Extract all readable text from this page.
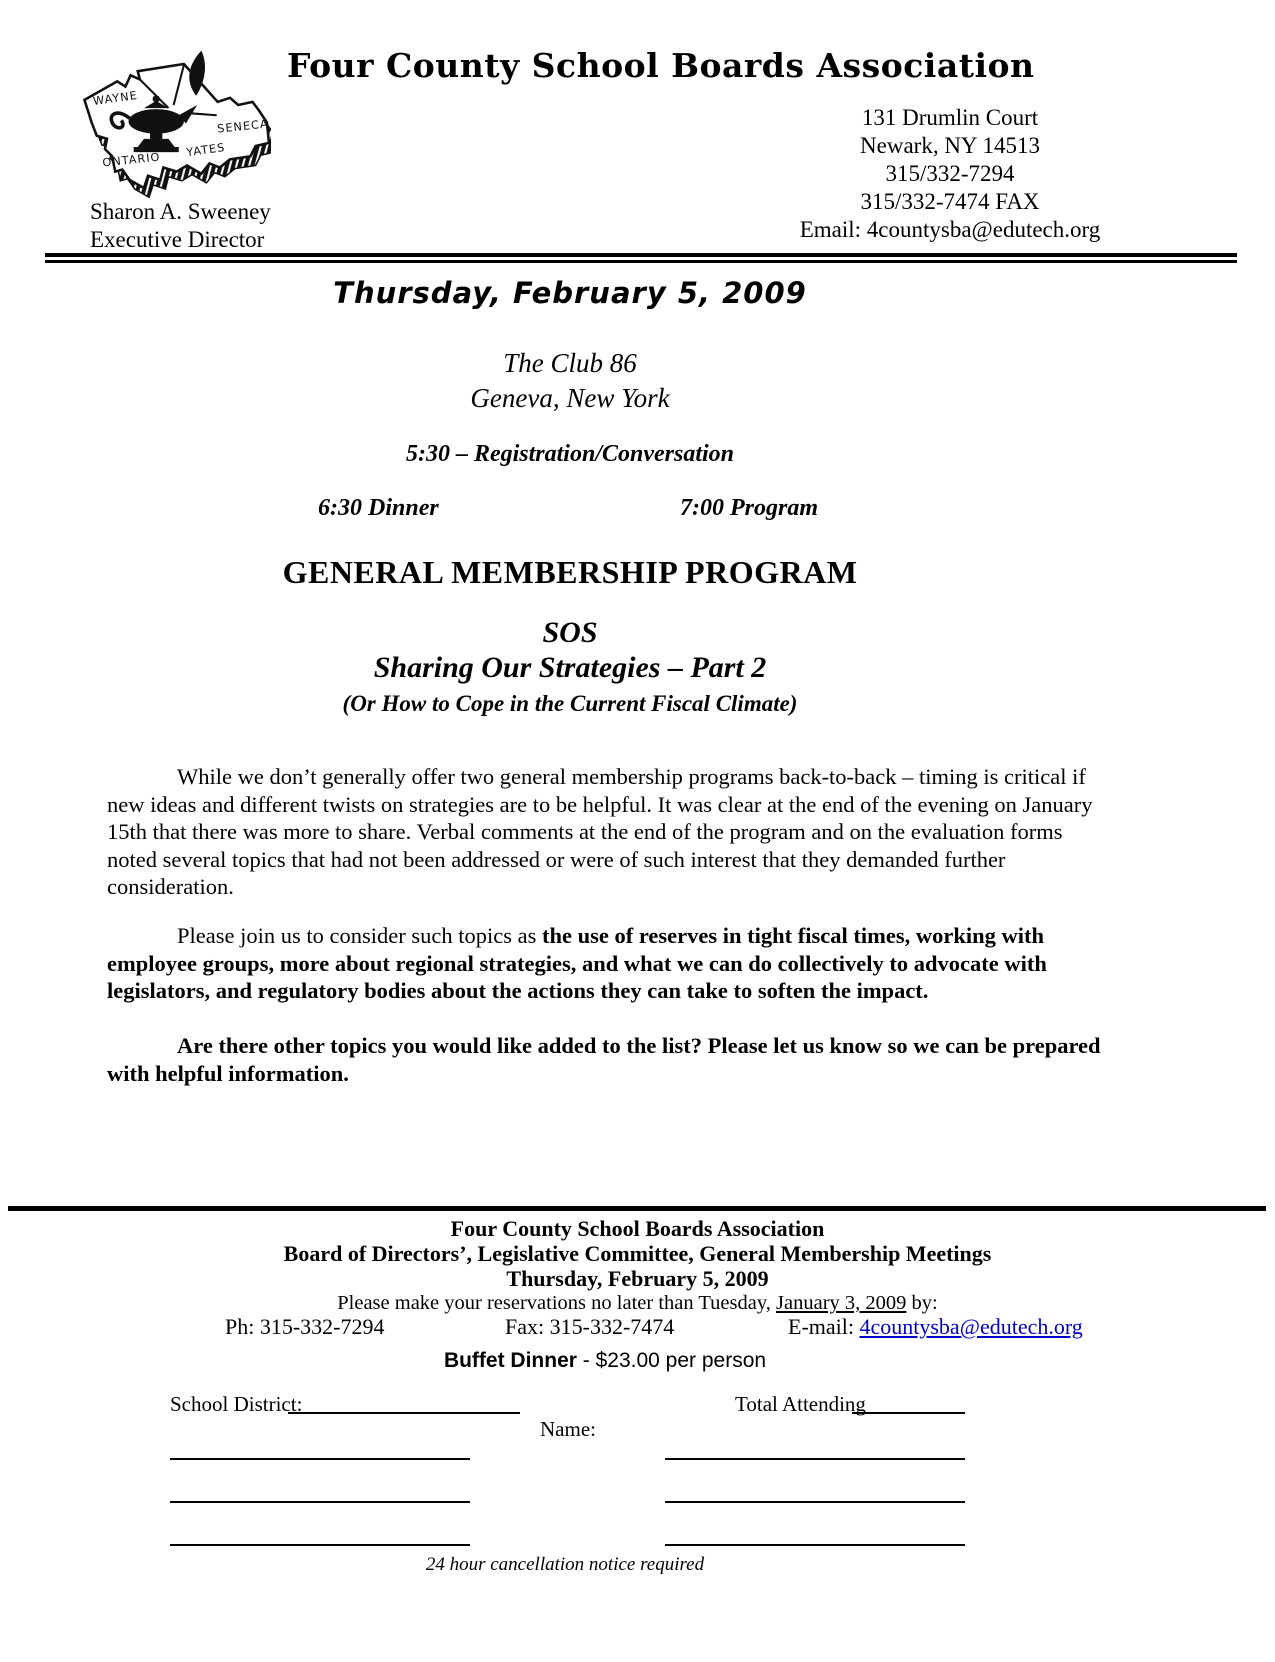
WAYNE
SENECA
ONTARIO
YATES
Four County School Boards Association
131 Drumlin Court
Newark, NY 14513
315/332-7294
315/332-7474 FAX
Email: 4countysba@edutech.org
Sharon A. Sweeney
Executive Director
Thursday, February 5, 2009
The Club 86
Geneva, New York
5:30 – Registration/Conversation
6:30 Dinner	7:00 Program
GENERAL MEMBERSHIP PROGRAM
SOS
Sharing Our Strategies – Part 2
(Or How to Cope in the Current Fiscal Climate)
While we don’t generally offer two general membership programs back-to-back – timing is critical if new ideas and different twists on strategies are to be helpful. It was clear at the end of the evening on January 15th that there was more to share. Verbal comments at the end of the program and on the evaluation forms noted several topics that had not been addressed or were of such interest that they demanded further consideration.
Please join us to consider such topics as the use of reserves in tight fiscal times, working with employee groups, more about regional strategies, and what we can do collectively to advocate with legislators, and regulatory bodies about the actions they can take to soften the impact.
Are there other topics you would like added to the list? Please let us know so we can be prepared with helpful information.
Four County School Boards Association
Board of Directors’, Legislative Committee, General Membership Meetings
Thursday, February 5, 2009
Please make your reservations no later than Tuesday, January 3, 2009 by:
Ph: 315-332-7294	Fax: 315-332-7474	E-mail: 4countysba@edutech.org
Buffet Dinner - $23.00 per person
School District:	Total Attending
Name:
24 hour cancellation notice required
